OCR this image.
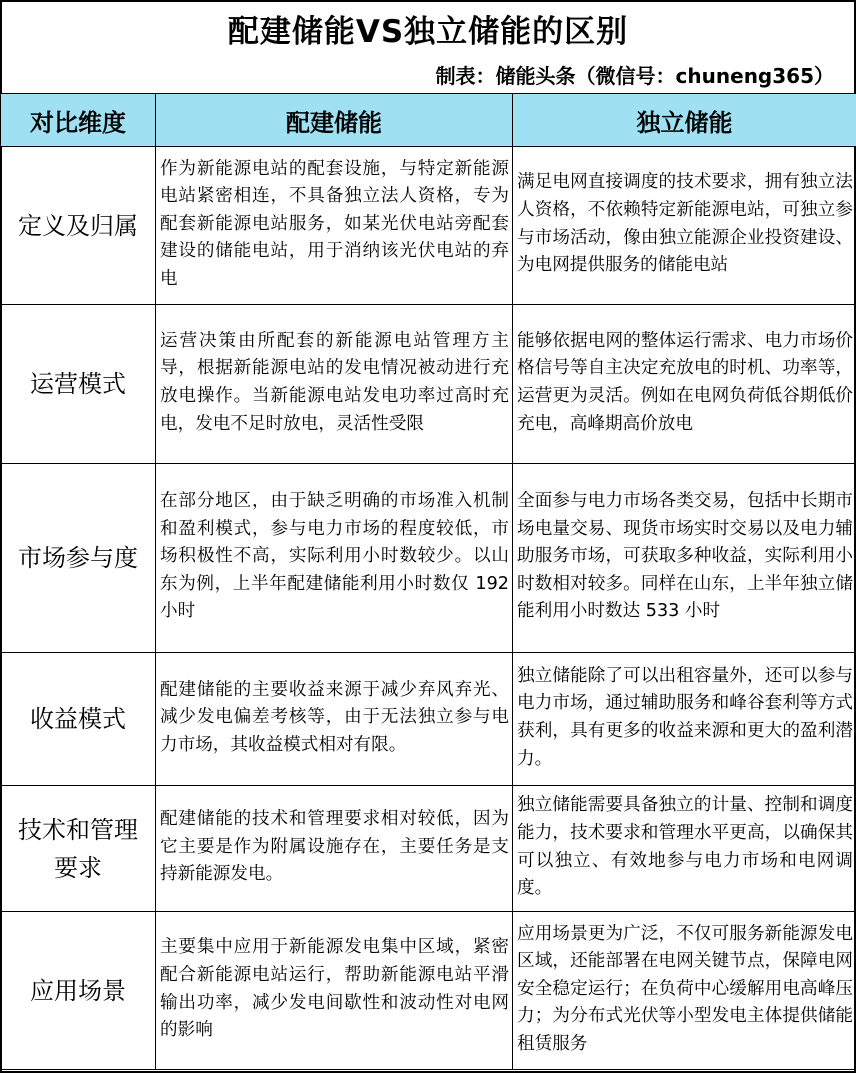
配建储能VS独立储能的区别
制表：储能头条（微信号：chuneng365）
对比维度	配建储能	独立储能
定义及归属	作为新能源电站的配套设施，与特定新能源电站紧密相连，不具备独立法人资格，专为配套新能源电站服务，如某光伏电站旁配套建设的储能电站，用于消纳该光伏电站的弃电	满足电网直接调度的技术要求，拥有独立法人资格，不依赖特定新能源电站，可独立参与市场活动，像由独立能源企业投资建设、为电网提供服务的储能电站
运营模式	运营决策由所配套的新能源电站管理方主导，根据新能源电站的发电情况被动进行充放电操作。当新能源电站发电功率过高时充电，发电不足时放电，灵活性受限	能够依据电网的整体运行需求、电力市场价格信号等自主决定充放电的时机、功率等，运营更为灵活。例如在电网负荷低谷期低价充电，高峰期高价放电
市场参与度	在部分地区，由于缺乏明确的市场准入机制和盈利模式，参与电力市场的程度较低，市场积极性不高，实际利用小时数较少。以山东为例，上半年配建储能利用小时数仅 192 小时	全面参与电力市场各类交易，包括中长期市场电量交易、现货市场实时交易以及电力辅助服务市场，可获取多种收益，实际利用小时数相对较多。同样在山东，上半年独立储能利用小时数达 533 小时
收益模式	配建储能的主要收益来源于减少弃风弃光、减少发电偏差考核等，由于无法独立参与电力市场，其收益模式相对有限。	独立储能除了可以出租容量外，还可以参与电力市场，通过辅助服务和峰谷套利等方式获利，具有更多的收益来源和更大的盈利潜力。

技术和管理
要求	配建储能的技术和管理要求相对较低，因为它主要是作为附属设施存在，主要任务是支持新能源发电。	独立储能需要具备独立的计量、控制和调度能力，技术要求和管理水平更高，以确保其可以独立、有效地参与电力市场和电网调度。
应用场景	主要集中应用于新能源发电集中区域，紧密配合新能源电站运行，帮助新能源电站平滑输出功率，减少发电间歇性和波动性对电网的影响	应用场景更为广泛，不仅可服务新能源发电区域，还能部署在电网关键节点，保障电网安全稳定运行；在负荷中心缓解用电高峰压力；为分布式光伏等小型发电主体提供储能租赁服务
